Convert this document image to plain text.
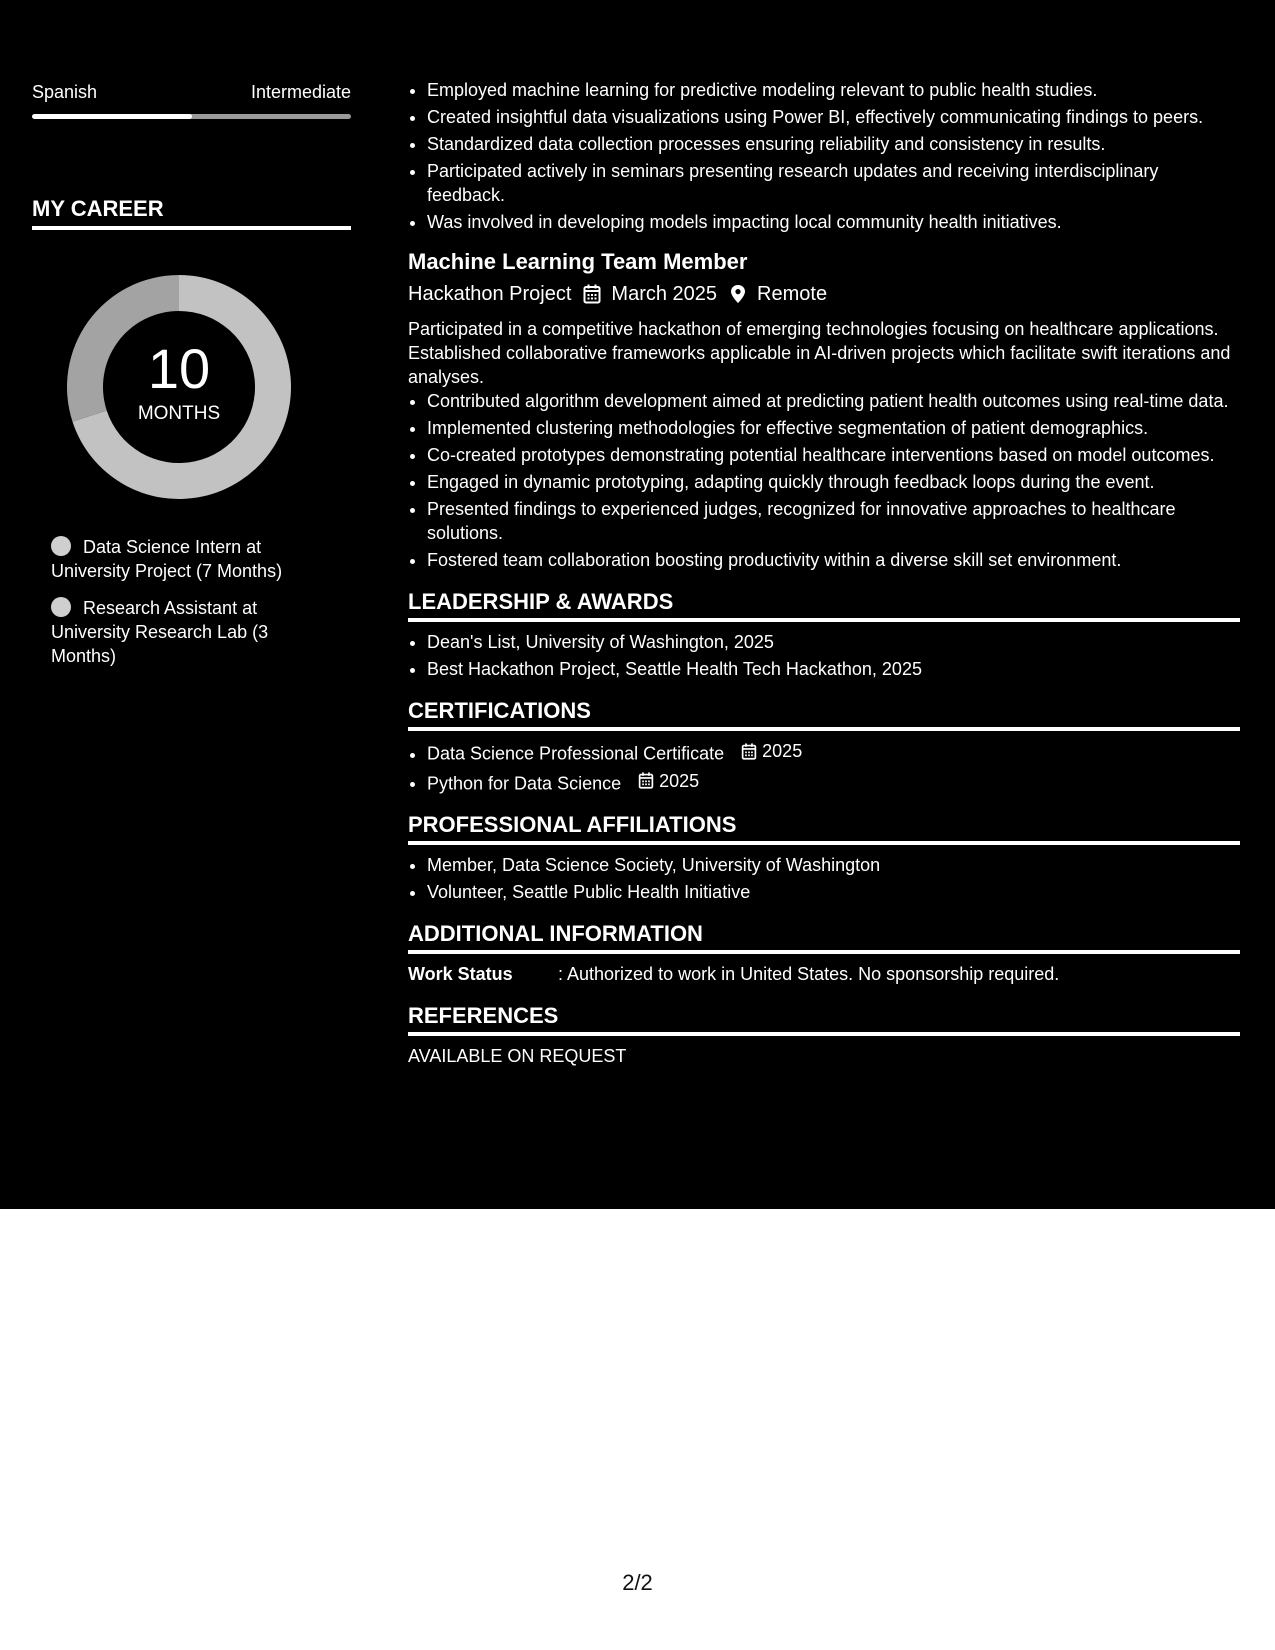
Spanish	Intermediate
MY CAREER
10
MONTHS
Data Science Intern at University Project (7 Months)
Research Assistant at University Research Lab (3 Months)
• Employed machine learning for predictive modeling relevant to public health studies.
• Created insightful data visualizations using Power BI, effectively communicating findings to peers.
• Standardized data collection processes ensuring reliability and consistency in results.
• Participated actively in seminars presenting research updates and receiving interdisciplinary feedback.
• Was involved in developing models impacting local community health initiatives.
Machine Learning Team Member
Hackathon Project March 2025 Remote
Participated in a competitive hackathon of emerging technologies focusing on healthcare applications. Established collaborative frameworks applicable in AI-driven projects which facilitate swift iterations and analyses.
• Contributed algorithm development aimed at predicting patient health outcomes using real-time data.
• Implemented clustering methodologies for effective segmentation of patient demographics.
• Co-created prototypes demonstrating potential healthcare interventions based on model outcomes.
• Engaged in dynamic prototyping, adapting quickly through feedback loops during the event.
• Presented findings to experienced judges, recognized for innovative approaches to healthcare solutions.
• Fostered team collaboration boosting productivity within a diverse skill set environment.
LEADERSHIP & AWARDS
• Dean's List, University of Washington, 2025
• Best Hackathon Project, Seattle Health Tech Hackathon, 2025
CERTIFICATIONS
• Data Science Professional Certificate 2025
• Python for Data Science 2025
PROFESSIONAL AFFILIATIONS
• Member, Data Science Society, University of Washington
• Volunteer, Seattle Public Health Initiative
ADDITIONAL INFORMATION
Work Status	: Authorized to work in United States. No sponsorship required.
REFERENCES
AVAILABLE ON REQUEST
2/2
